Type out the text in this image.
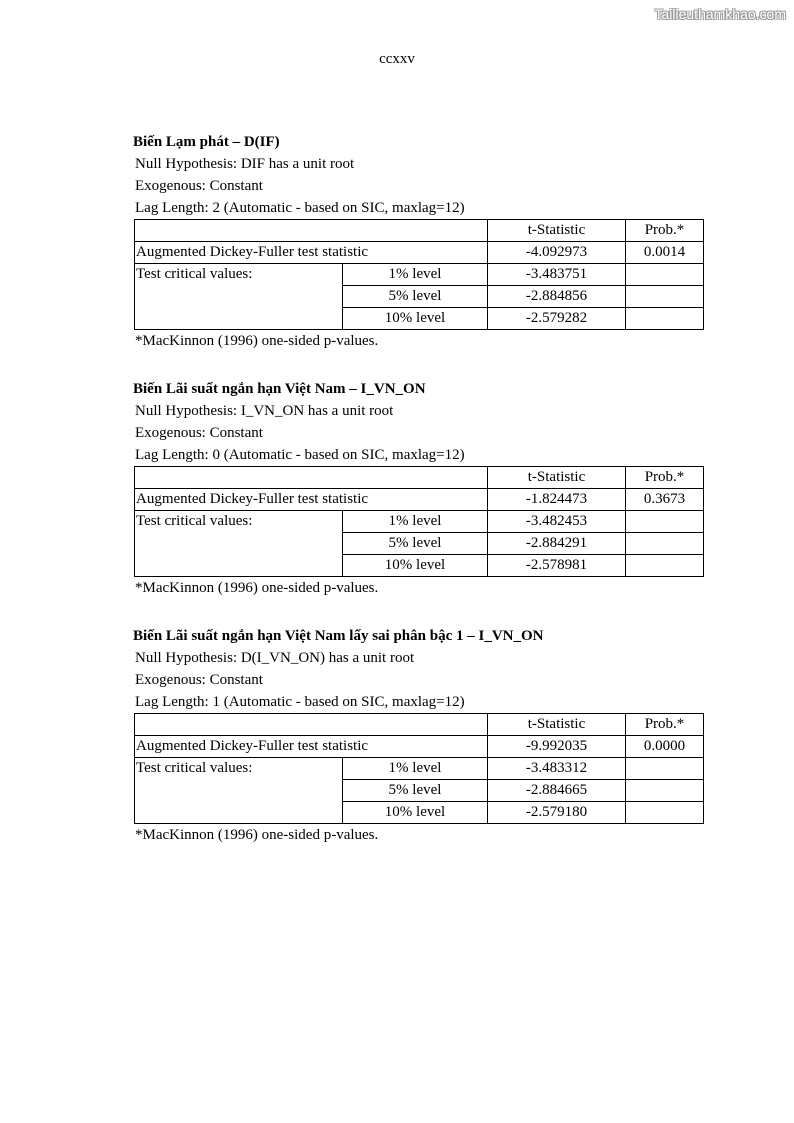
Tailieuthamkhao.com
ccxxv
Biến Lạm phát – D(IF)
Null Hypothesis: DIF has a unit root
Exogenous: Constant
Lag Length: 2 (Automatic - based on SIC, maxlag=12)
		t-Statistic	Prob.*
Augmented Dickey-Fuller test statistic		-4.092973	0.0014
Test critical values:	1% level	-3.483751	
	5% level	-2.884856	
	10% level	-2.579282	
*MacKinnon (1996) one-sided p-values.
Biến Lãi suất ngắn hạn Việt Nam – I_VN_ON
Null Hypothesis: I_VN_ON has a unit root
Exogenous: Constant
Lag Length: 0 (Automatic - based on SIC, maxlag=12)
		t-Statistic	Prob.*
Augmented Dickey-Fuller test statistic		-1.824473	0.3673
Test critical values:	1% level	-3.482453	
	5% level	-2.884291	
	10% level	-2.578981	
*MacKinnon (1996) one-sided p-values.
Biến Lãi suất ngắn hạn Việt Nam lấy sai phân bậc 1 – I_VN_ON
Null Hypothesis: D(I_VN_ON) has a unit root
Exogenous: Constant
Lag Length: 1 (Automatic - based on SIC, maxlag=12)
		t-Statistic	Prob.*
Augmented Dickey-Fuller test statistic		-9.992035	0.0000
Test critical values:	1% level	-3.483312	
	5% level	-2.884665	
	10% level	-2.579180	
*MacKinnon (1996) one-sided p-values.
